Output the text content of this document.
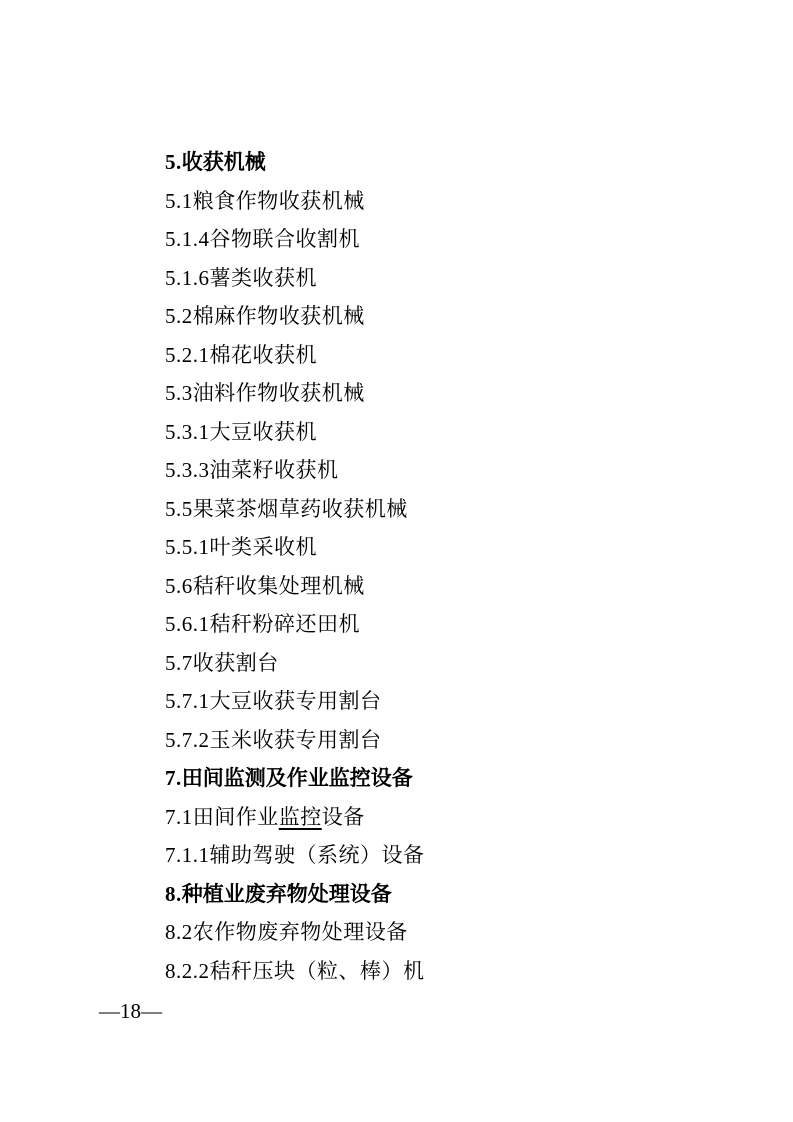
5.收获机械
5.1粮食作物收获机械
5.1.4谷物联合收割机
5.1.6薯类收获机
5.2棉麻作物收获机械
5.2.1棉花收获机
5.3油料作物收获机械
5.3.1大豆收获机
5.3.3油菜籽收获机
5.5果菜茶烟草药收获机械
5.5.1叶类采收机
5.6秸秆收集处理机械
5.6.1秸秆粉碎还田机
5.7收获割台
5.7.1大豆收获专用割台
5.7.2玉米收获专用割台
7.田间监测及作业监控设备
7.1田间作业监控设备
7.1.1辅助驾驶（系统）设备
8.种植业废弃物处理设备
8.2农作物废弃物处理设备
8.2.2秸秆压块（粒、棒）机
—18—
